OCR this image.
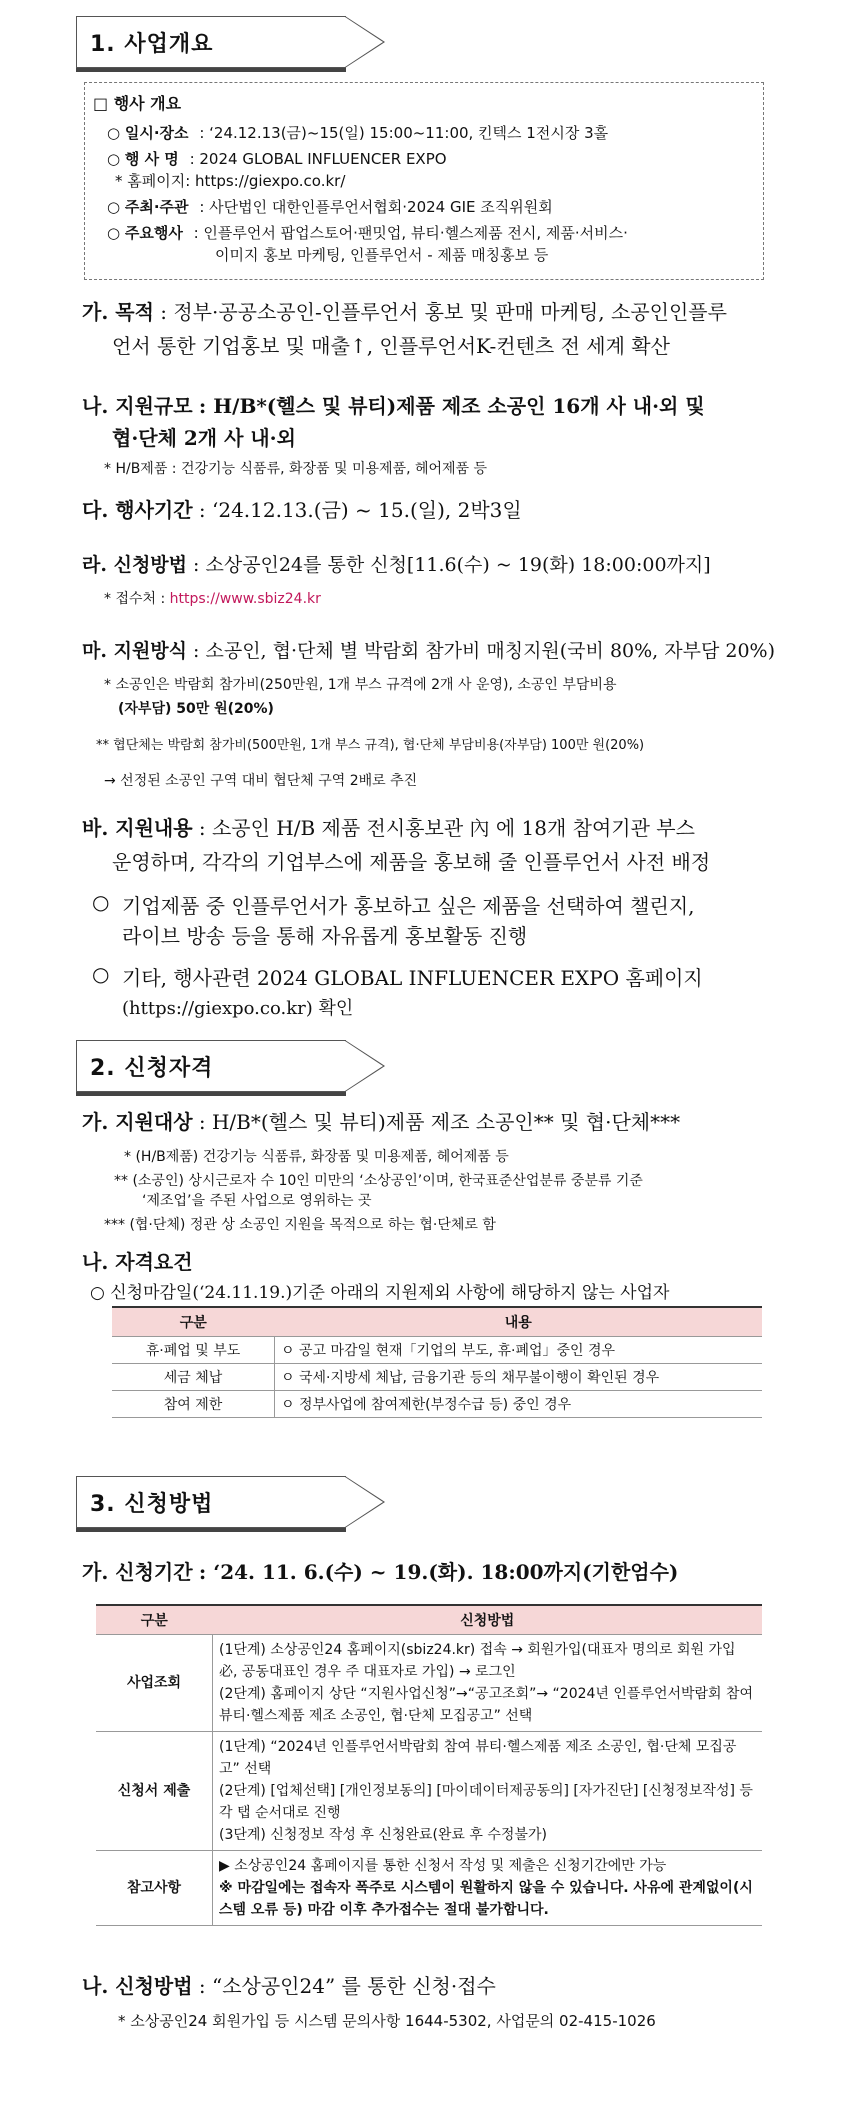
1. 사업개요
□ 행사 개요
○ 일시·장소 : ‘24.12.13(금)~15(일) 15:00~11:00, 킨텍스 1전시장 3홀
○ 행 사 명 : 2024 GLOBAL INFLUENCER EXPO
* 홈페이지: https://giexpo.co.kr/
○ 주최·주관 : 사단법인 대한인플루언서협회·2024 GIE 조직위원회
○ 주요행사 : 인플루언서 팝업스토어·팬밋업, 뷰티·헬스제품 전시, 제품·서비스·
이미지 홍보 마케팅, 인플루언서 - 제품 매칭홍보 등
가. 목적 : 정부·공공소공인-인플루언서 홍보 및 판매 마케팅, 소공인인플루
언서 통한 기업홍보 및 매출↑, 인플루언서K-컨텐츠 전 세계 확산
나. 지원규모 : H/B*(헬스 및 뷰티)제품 제조 소공인 16개 사 내·외 및
협·단체 2개 사 내·외
* H/B제품 : 건강기능 식품류, 화장품 및 미용제품, 헤어제품 등
다. 행사기간 : ‘24.12.13.(금) ~ 15.(일), 2박3일
라. 신청방법 : 소상공인24를 통한 신청[11.6(수) ~ 19(화) 18:00:00까지]
* 접수처 : https://www.sbiz24.kr
마. 지원방식 : 소공인, 협·단체 별 박람회 참가비 매칭지원(국비 80%, 자부담 20%)
* 소공인은 박람회 참가비(250만원, 1개 부스 규격에 2개 사 운영), 소공인 부담비용
(자부담) 50만 원(20%)
** 협단체는 박람회 참가비(500만원, 1개 부스 규격), 협·단체 부담비용(자부담) 100만 원(20%)
→ 선정된 소공인 구역 대비 협단체 구역 2배로 추진
바. 지원내용 : 소공인 H/B 제품 전시홍보관 內 에 18개 참여기관 부스
운영하며, 각각의 기업부스에 제품을 홍보해 줄 인플루언서 사전 배정
○ 기업제품 중 인플루언서가 홍보하고 싶은 제품을 선택하여 챌린지,
라이브 방송 등을 통해 자유롭게 홍보활동 진행
○ 기타, 행사관련 2024 GLOBAL INFLUENCER EXPO 홈페이지
(https://giexpo.co.kr) 확인
2. 신청자격
가. 지원대상 : H/B*(헬스 및 뷰티)제품 제조 소공인** 및 협·단체***
* (H/B제품) 건강기능 식품류, 화장품 및 미용제품, 헤어제품 등
** (소공인) 상시근로자 수 10인 미만의 ‘소상공인’이며, 한국표준산업분류 중분류 기준
‘제조업’을 주된 사업으로 영위하는 곳
*** (협·단체) 정관 상 소공인 지원을 목적으로 하는 협·단체로 함
나. 자격요건
○ 신청마감일(‘24.11.19.)기준 아래의 지원제외 사항에 해당하지 않는 사업자
구분	내용
휴·폐업 및 부도	ㅇ 공고 마감일 현재「기업의 부도, 휴·폐업」중인 경우
세금 체납	ㅇ 국세·지방세 체납, 금융기관 등의 채무불이행이 확인된 경우
참여 제한	ㅇ 정부사업에 참여제한(부정수급 등) 중인 경우
3. 신청방법
가. 신청기간 : ‘24. 11. 6.(수) ~ 19.(화). 18:00까지(기한엄수)
구분	신청방법
사업조회	(1단계) 소상공인24 홈페이지(sbiz24.kr) 접속 → 회원가입(대표자 명의로 회원 가입 必, 공동대표인 경우 주 대표자로 가입) → 로그인
(2단계) 홈페이지 상단 “지원사업신청”→“공고조회”→ “2024년 인플루언서박람회 참여 뷰티·헬스제품 제조 소공인, 협·단체 모집공고” 선택

신청서 제출	(1단계) “2024년 인플루언서박람회 참여 뷰티·헬스제품 제조 소공인, 협·단체 모집공고” 선택
(2단계) [업체선택] [개인정보동의] [마이데이터제공동의] [자가진단] [신청정보작성] 등 각 탭 순서대로 진행
(3단계) 신청정보 작성 후 신청완료(완료 후 수정불가)

참고사항	▶ 소상공인24 홈페이지를 통한 신청서 작성 및 제출은 신청기간에만 가능
※ 마감일에는 접속자 폭주로 시스템이 원활하지 않을 수 있습니다. 사유에 관계없이(시스템 오류 등) 마감 이후 추가접수는 절대 불가합니다.
나. 신청방법 : “소상공인24” 를 통한 신청·접수
* 소상공인24 회원가입 등 시스템 문의사항 1644-5302, 사업문의 02-415-1026
